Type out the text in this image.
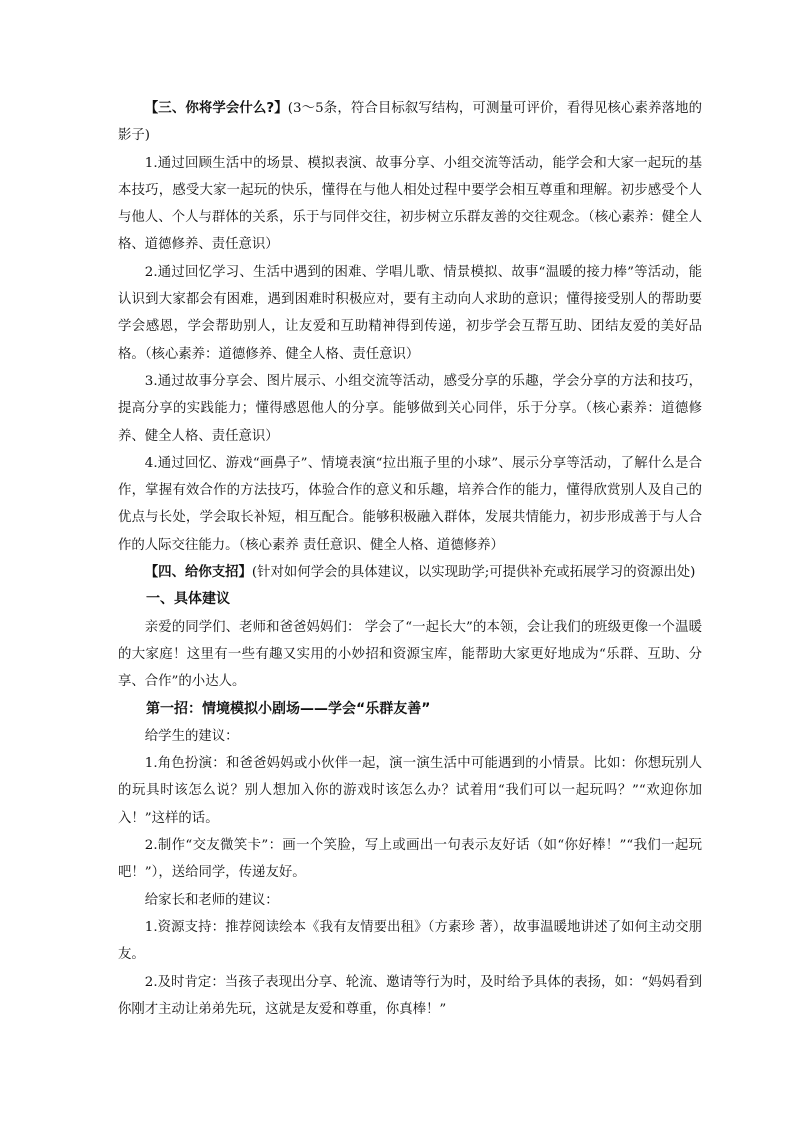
【三、你将学会什么?】(3～5条，符合目标叙写结构，可测量可评价，看得见核心素养落地的影子)

1.通过回顾生活中的场景、模拟表演、故事分享、小组交流等活动，能学会和大家一起玩的基本技巧，感受大家一起玩的快乐，懂得在与他人相处过程中要学会相互尊重和理解。初步感受个人与他人、个人与群体的关系，乐于与同伴交往，初步树立乐群友善的交往观念。（核心素养：健全人格、道德修养、责任意识）

2.通过回忆学习、生活中遇到的困难、学唱儿歌、情景模拟、故事“温暖的接力棒”等活动，能认识到大家都会有困难，遇到困难时积极应对，要有主动向人求助的意识；懂得接受别人的帮助要学会感恩，学会帮助别人，让友爱和互助精神得到传递，初步学会互帮互助、团结友爱的美好品格。（核心素养：道德修养、健全人格、责任意识）

3.通过故事分享会、图片展示、小组交流等活动，感受分享的乐趣，学会分享的方法和技巧，提高分享的实践能力；懂得感恩他人的分享。能够做到关心同伴，乐于分享。（核心素养：道德修养、健全人格、责任意识）

4.通过回忆、游戏“画鼻子”、情境表演“拉出瓶子里的小球”、展示分享等活动，了解什么是合作，掌握有效合作的方法技巧，体验合作的意义和乐趣，培养合作的能力，懂得欣赏别人及自己的优点与长处，学会取长补短，相互配合。能够积极融入群体，发展共情能力，初步形成善于与人合作的人际交往能力。（核心素养 责任意识、健全人格、道德修养）

【四、给你支招】(针对如何学会的具体建议，以实现助学;可提供补充或拓展学习的资源出处)

一、具体建议

亲爱的同学们、老师和爸爸妈妈们： 学会了“一起长大”的本领，会让我们的班级更像一个温暖的大家庭！这里有一些有趣又实用的小妙招和资源宝库，能帮助大家更好地成为“乐群、互助、分享、合作”的小达人。

第一招：情境模拟小剧场——学会“乐群友善”

给学生的建议：

1.角色扮演：和爸爸妈妈或小伙伴一起，演一演生活中可能遇到的小情景。比如：你想玩别人的玩具时该怎么说？别人想加入你的游戏时该怎么办？试着用“我们可以一起玩吗？”“欢迎你加入！”这样的话。

2.制作“交友微笑卡”：画一个笑脸，写上或画出一句表示友好话（如“你好棒！”“我们一起玩吧！”），送给同学，传递友好。

给家长和老师的建议：

1.资源支持：推荐阅读绘本《我有友情要出租》（方素珍 著），故事温暖地讲述了如何主动交朋友。

2.及时肯定：当孩子表现出分享、轮流、邀请等行为时，及时给予具体的表扬，如：“妈妈看到你刚才主动让弟弟先玩，这就是友爱和尊重，你真棒！”
